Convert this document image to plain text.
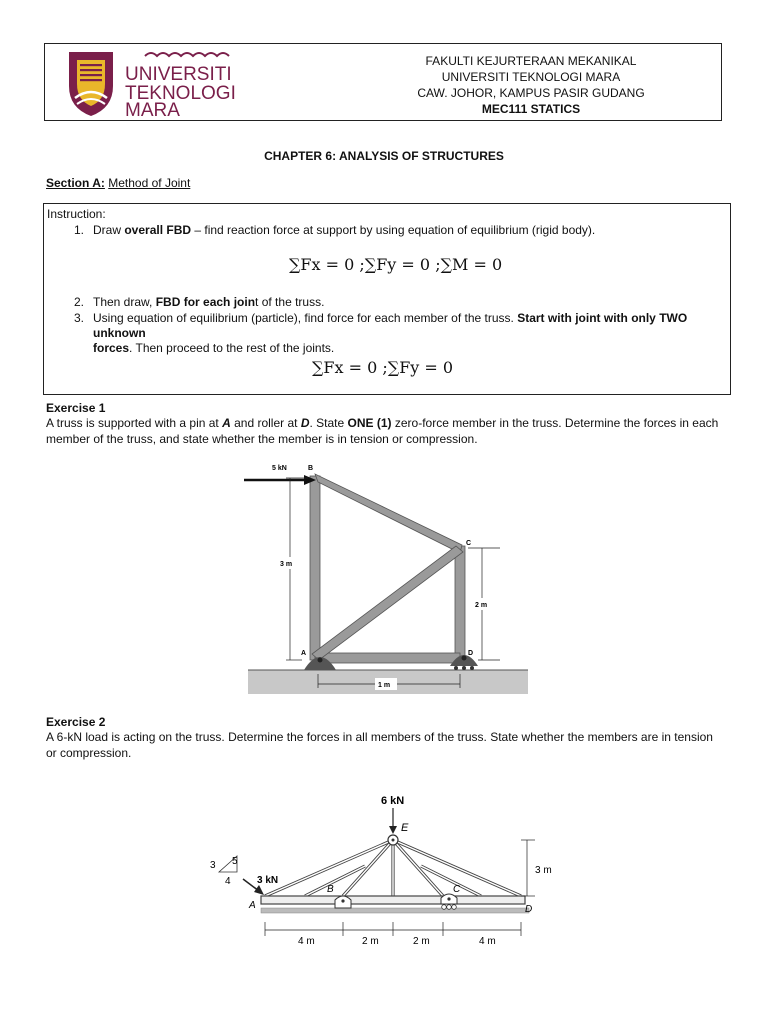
UNIVERSITI
TEKNOLOGI
MARA
FAKULTI KEJURTERAAN MEKANIKAL
UNIVERSITI TEKNOLOGI MARA
CAW. JOHOR, KAMPUS PASIR GUDANG
MEC111 STATICS
CHAPTER 6: ANALYSIS OF STRUCTURES
Section A: Method of Joint
Instruction:
1. Draw overall FBD – find reaction force at support by using equation of equilibrium (rigid body).
∑Fx = 0 ;∑Fy = 0 ;∑M = 0
2. Then draw, FBD for each joint of the truss.
3. Using equation of equilibrium (particle), find force for each member of the truss. Start with joint with only TWO unknown
forces. Then proceed to the rest of the joints.
∑Fx = 0 ;∑Fy = 0
Exercise 1
A truss is supported with a pin at A and roller at D. State ONE (1) zero-force member in the truss. Determine the forces in each member of the truss, and state whether the member is in tension or compression.
5 kN	B
C
A	D
3 m
2 m
1 m
Exercise 2
A 6-kN load is acting on the truss. Determine the forces in all members of the truss. State whether the members are in tension or compression.
6 kN
E
B	C
A	D
3 5
4	3 kN
3 m
4 m	2 m	2 m	4 m
